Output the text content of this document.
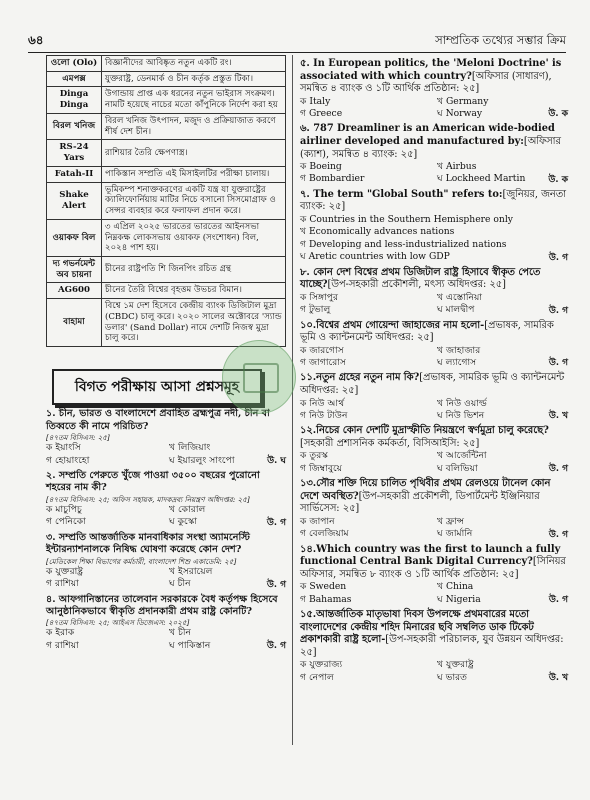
৬৪	সাম্প্রতিক তথ্যের সম্ভার ক্রিম
ওলো (Olo)	বিজ্ঞানীদের আবিষ্কৃত নতুন একটি রং।
এমপক্স	যুক্তরাষ্ট্র, ডেনমার্ক ও চীন কর্তৃক প্রস্তুত টিকা।
Dinga Dinga	উগান্ডায় প্রাপ্ত এক ধরনের নতুন ভাইরাস সংক্রমণ। নামটি হয়েছে নাচের মতো কাঁপুনিকে নির্দেশ করা হয়
বিরল খনিজ	বিরল খনিজ উৎপাদন, মজুদ ও প্রক্রিয়াজাত করণে শীর্ষ দেশ চীন।
RS-24 Yars	রাশিয়ার তৈরি ক্ষেপণাস্ত্র।
Fatah-II	পাকিস্তান সম্প্রতি এই মিসাইলটির পরীক্ষা চালায়।
Shake Alert	ভূমিকম্প শনাক্তকরণের একটি যন্ত্র যা যুক্তরাষ্ট্রের ক্যালিফোর্নিয়ায় মাটির নিচে বসানো সিসমোগ্রাফ ও সেন্সর ব্যবহার করে ফলাফল প্রদান করে।
ওয়াকফ বিল	৩ এপ্রিল ২০২৫ ভারতের ভারতের আইনসভা নিম্নকক্ষ লোকসভায় ওয়াকফ (সংশোধন) বিল, ২০২৪ পাশ হয়।
দ্য গভর্নমেন্ট অব চায়না	চীনের রাষ্ট্রপতি শি জিনপিং রচিত গ্রন্থ
AG600	চীনের তৈরি বিশ্বের বৃহত্তম উভচর বিমান।
বাহামা	বিশ্বে ১ম দেশ হিসেবে কেন্দ্রীয় ব্যাংক ডিজিটাল মুদ্রা (CBDC) চালু করে। ২০২০ সালের অক্টোবরে 'স্যান্ড ডলার' (Sand Dollar) নামে দেশটি নিজস্ব মুদ্রা চালু করে।
বিগত পরীক্ষায় আসা প্রশ্নসমূহ
১. চীন, ভারত ও বাংলাদেশে প্রবাহিত ব্রহ্মপুত্র নদী, চীন বা তিব্বতে কী নামে পরিচিত?
[৪৭তম বিসিএস: ২৫]
ক ইয়াংসি	খ লিজিয়াং
গ হোয়াংহো	ঘ ইয়ারলুং সাংপো	উ. ঘ
২. সম্প্রতি পেরুতে খুঁজে পাওয়া ৩৫০০ বছরের পুরোনো শহরের নাম কী?
[৪৭তম বিসিএস: ২৫; অফিস সহায়ক, মাদকদ্রব্য নিয়ন্ত্রণ অধিদপ্তর: ২৫]
ক মাচুপিচু	খ কোরাল
গ পেনিকো	ঘ কুস্কো	উ. গ
৩. সম্প্রতি আন্তর্জাতিক মানবাধিকার সংস্থা অ্যামনেস্টি ইন্টারন্যাশনালকে নিষিদ্ধ ঘোষণা করেছে কোন দেশ?
[মেডিকেল শিক্ষা বিভাগের কর্মচারী, বাংলাদেশ শিশু একাডেমি: ২৫]
ক যুক্তরাষ্ট্র	খ ইসরায়েল
গ রাশিয়া	ঘ চীন	উ. গ
৪. আফগানিস্তানের তালেবান সরকারকে বৈধ কর্তৃপক্ষ হিসেবে আনুষ্ঠানিকভাবে স্বীকৃতি প্রদানকারী প্রথম রাষ্ট্র কোনটি?
[৪৭তম বিসিএস: ২৫; আইএস ডিজেএস: ২০২৫]
ক ইরাক	খ চীন
গ রাশিয়া	ঘ পাকিস্তান	উ. গ
৫. In European politics, the 'Meloni Doctrine' is associated with which country?[অফিসার (সাধারণ), সমন্বিত ৪ ব্যাংক ও ১টি আর্থিক প্রতিষ্ঠান: ২৫]
ক Italy	খ Germany
গ Greece	ঘ Norway	উ. ক
৬. 787 Dreamliner is an American wide-bodied airliner developed and manufactured by:[অফিসার (ক্যাশ), সমন্বিত ৪ ব্যাংক: ২৫]
ক Boeing	খ Airbus
গ Bombardier	ঘ Lockheed Martin	উ. ক
৭. The term "Global South" refers to:[জুনিয়র, জনতা ব্যাংক: ২৫]
ক Countries in the Southern Hemisphere only
খ Economically advances nations
গ Developing and less-industrialized nations
ঘ Aretic countries with low GDP	উ. গ
৮. কোন দেশ বিশ্বের প্রথম ডিজিটাল রাষ্ট্র হিসাবে স্বীকৃত পেতে যাচ্ছে?[উপ-সহকারী প্রকৌশলী, মৎস্য অধিদপ্তর: ২৫]
ক সিঙ্গাপুর	খ এস্তোনিয়া
গ টুভালু	ঘ মালদ্বীপ	উ. গ
১০.বিশ্বের প্রথম গোয়েন্দা জাহাজের নাম হলো-[প্রভাষক, সামরিক ভূমি ও ক্যান্টনমেন্ট অধিদপ্তর: ২৫]
ক জারগোস	খ জাহাজার
গ জাগারোস	ঘ ল্যাগোস	উ. গ
১১.নতুন গ্রহের নতুন নাম কি?[প্রভাষক, সামরিক ভূমি ও ক্যান্টনমেন্ট অধিদপ্তর: ২৫]
ক নিউ আর্থ	খ নিউ ওয়ার্ল্ড
গ নিউ টাউন	ঘ নিউ ভিশন	উ. খ
১২.নিচের কোন দেশটি মুদ্রাস্ফীতি নিয়ন্ত্রণে স্বর্ণমুদ্রা চালু করেছে?[সহকারী প্রশাসনিক কর্মকর্তা, বিসিআইসি: ২৫]
ক তুরস্ক	খ আর্জেন্টিনা
গ জিম্বাবুয়ে	ঘ বলিভিয়া	উ. গ
১৩.সৌর শক্তি দিয়ে চালিত পৃথিবীর প্রথম রেলওয়ে টানেল কোন দেশে অবস্থিত?[উপ-সহকারী প্রকৌশলী, ডিপার্টমেন্ট ইঞ্জিনিয়ার সার্ভিসেস: ২৫]
ক জাপান	খ ফ্রান্স
গ বেলজিয়াম	ঘ জার্মানি	উ. গ
১৪.Which country was the first to launch a fully functional Central Bank Digital Currency?[সিনিয়র অফিসার, সমন্বিত ৮ ব্যাংক ও ১টি আর্থিক প্রতিষ্ঠান: ২৫]
ক Sweden	খ China
গ Bahamas	ঘ Nigeria	উ. গ
১৫.আন্তর্জাতিক মাতৃভাষা দিবস উপলক্ষে প্রথমবারের মতো বাংলাদেশের কেন্দ্রীয় শহিদ মিনারের ছবি সম্বলিত ডাক টিকেট প্রকাশকারী রাষ্ট্র হলো-[উপ-সহকারী পরিচালক, যুব উন্নয়ন অধিদপ্তর: ২৫]
ক যুক্তরাজ্য	খ যুক্তরাষ্ট্র
গ নেপাল	ঘ ভারত	উ. খ
